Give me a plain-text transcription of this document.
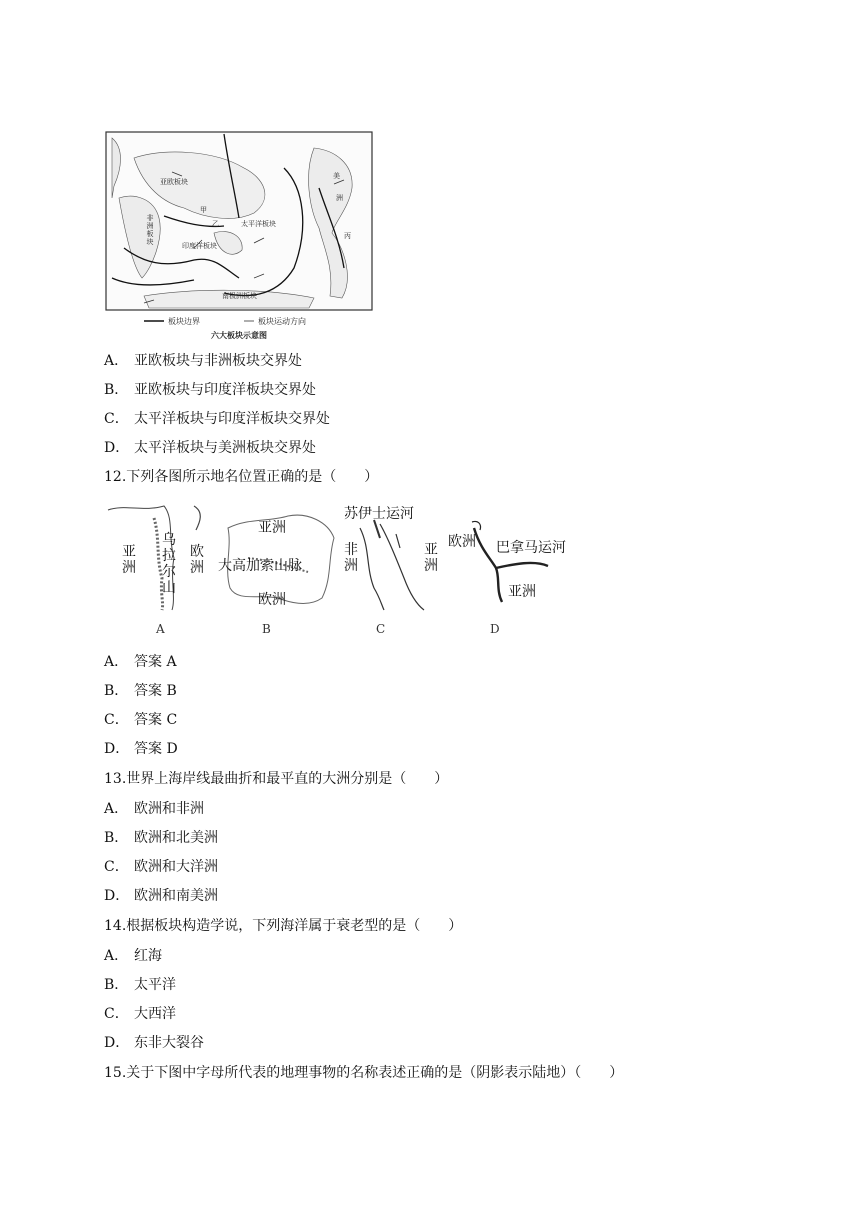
亚欧板块
美
洲
非洲板块	太平洋板块
印度洋板块
南极洲板块
甲
乙
丙
板块边界	板块运动方向
六大板块示意图
A． 亚欧板块与非洲板块交界处
B． 亚欧板块与印度洋板块交界处
C． 太平洋板块与印度洋板块交界处
D． 太平洋板块与美洲板块交界处
12.下列各图所示地名位置正确的是（　　）
亚洲
乌拉尔山
欧洲
A
亚洲
大高加索山脉
欧洲
B
苏伊士运河
非洲
亚洲
C
欧洲 巴拿马运河
亚洲
D
A． 答案 A
B． 答案 B
C． 答案 C
D． 答案 D
13.世界上海岸线最曲折和最平直的大洲分别是（　　）
A． 欧洲和非洲
B． 欧洲和北美洲
C． 欧洲和大洋洲
D． 欧洲和南美洲
14.根据板块构造学说，下列海洋属于衰老型的是（　　）
A． 红海
B． 太平洋
C． 大西洋
D． 东非大裂谷
15.关于下图中字母所代表的地理事物的名称表述正确的是（阴影表示陆地）（　　）
